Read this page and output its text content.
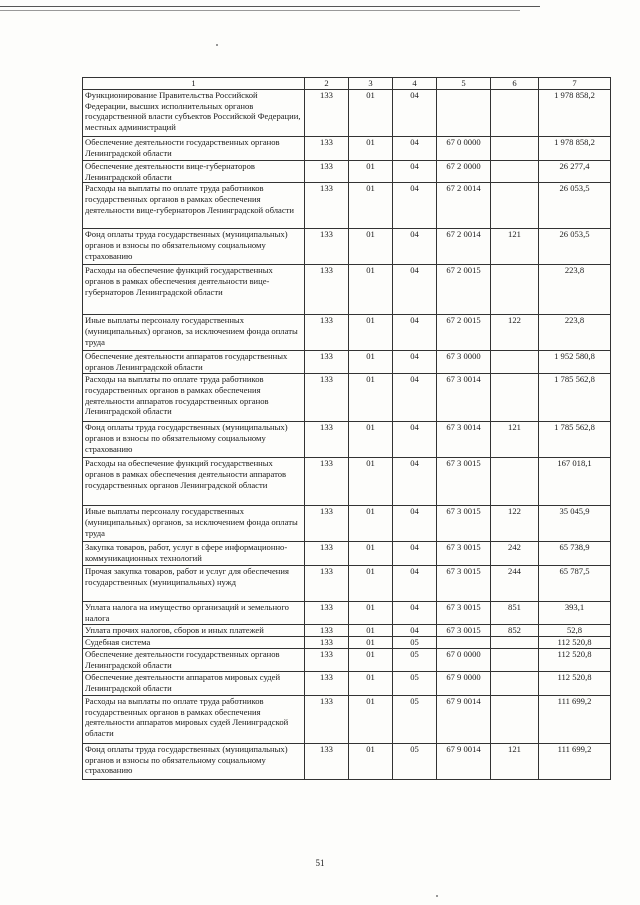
1	2	3	4	5	6	7
Функционирование Правительства Российской Федерации, высших исполнительных органов государственной власти субъектов Российской Федерации, местных администраций	133	01	04			1 978 858,2
Обеспечение деятельности государственных органов Ленинградской области	133	01	04	67 0 0000		1 978 858,2
Обеспечение деятельности вице-губернаторов Ленинградской области	133	01	04	67 2 0000		26 277,4
Расходы на выплаты по оплате труда работников государственных органов в рамках обеспечения деятельности вице-губернаторов Ленинградской области	133	01	04	67 2 0014		26 053,5
Фонд оплаты труда государственных (муниципальных) органов и взносы по обязательному социальному страхованию	133	01	04	67 2 0014	121	26 053,5
Расходы на обеспечение функций государственных органов в рамках обеспечения деятельности вице-губернаторов Ленинградской области	133	01	04	67 2 0015		223,8
Иные выплаты персоналу государственных (муниципальных) органов, за исключением фонда оплаты труда	133	01	04	67 2 0015	122	223,8
Обеспечение деятельности аппаратов государственных органов Ленинградской области	133	01	04	67 3 0000		1 952 580,8
Расходы на выплаты по оплате труда работников государственных органов в рамках обеспечения деятельности аппаратов государственных органов Ленинградской области	133	01	04	67 3 0014		1 785 562,8
Фонд оплаты труда государственных (муниципальных) органов и взносы по обязательному социальному страхованию	133	01	04	67 3 0014	121	1 785 562,8
Расходы на обеспечение функций государственных органов в рамках обеспечения деятельности аппаратов государственных органов Ленинградской области	133	01	04	67 3 0015		167 018,1
Иные выплаты персоналу государственных (муниципальных) органов, за исключением фонда оплаты труда	133	01	04	67 3 0015	122	35 045,9
Закупка товаров, работ, услуг в сфере информационно-коммуникационных технологий	133	01	04	67 3 0015	242	65 738,9
Прочая закупка товаров, работ и услуг для обеспечения государственных (муниципальных) нужд	133	01	04	67 3 0015	244	65 787,5
Уплата налога на имущество организаций и земельного налога	133	01	04	67 3 0015	851	393,1
Уплата прочих налогов, сборов и иных платежей	133	01	04	67 3 0015	852	52,8
Судебная система	133	01	05			112 520,8
Обеспечение деятельности государственных органов Ленинградской области	133	01	05	67 0 0000		112 520,8
Обеспечение деятельности аппаратов мировых судей Ленинградской области	133	01	05	67 9 0000		112 520,8
Расходы на выплаты по оплате труда работников государственных органов в рамках обеспечения деятельности аппаратов мировых судей Ленинградской области	133	01	05	67 9 0014		111 699,2
Фонд оплаты труда государственных (муниципальных) органов и взносы по обязательному социальному страхованию	133	01	05	67 9 0014	121	111 699,2
51
